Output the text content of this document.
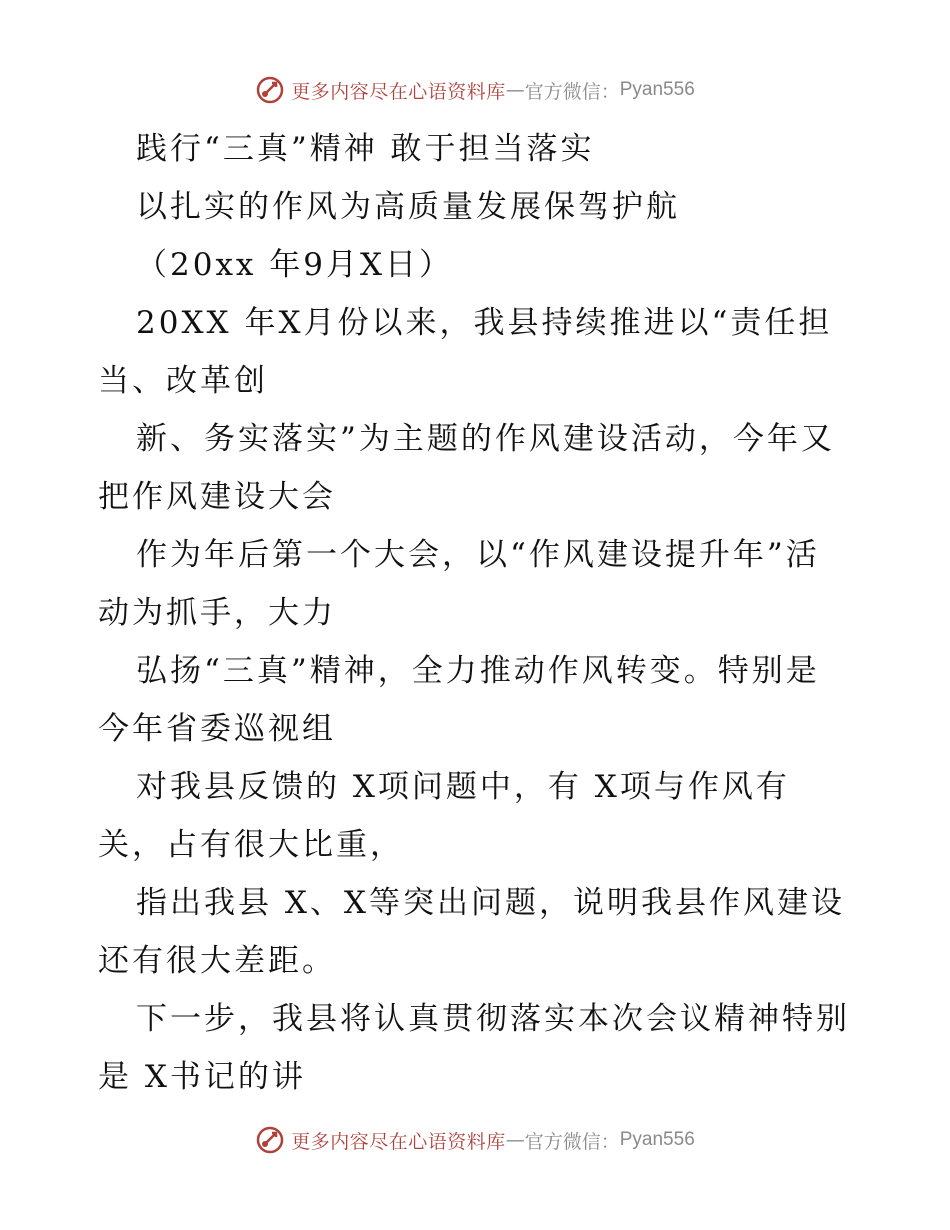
更多内容尽在心语资料库 — 官方微信： Pyan556
践行“三真”精神 敢于担当落实
以扎实的作风为高质量发展保驾护航
（20xx 年9月X日）
20XX 年X月份以来，我县持续推进以“责任担
当、改革创
新、务实落实”为主题的作风建设活动，今年又
把作风建设大会
作为年后第一个大会，以“作风建设提升年”活
动为抓手，大力
弘扬“三真”精神，全力推动作风转变。特别是
今年省委巡视组
对我县反馈的 X项问题中，有 X项与作风有
关，占有很大比重，
指出我县 X、X等突出问题，说明我县作风建设
还有很大差距。
下一步，我县将认真贯彻落实本次会议精神特别
是 X书记的讲
更多内容尽在心语资料库 — 官方微信： Pyan556
